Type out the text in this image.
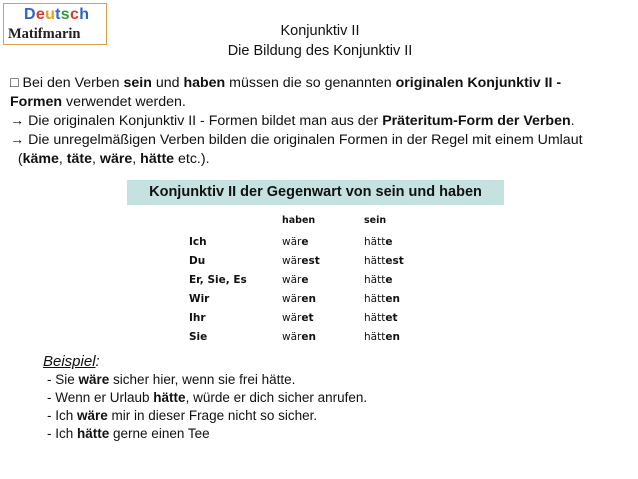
Deutsch
Matifmarin	Konjunktiv II
Die Bildung des Konjunktiv II
□ Bei den Verben sein und haben müssen die so genannten originalen Konjunktiv II -
Formen verwendet werden.
→ Die originalen Konjunktiv II - Formen bildet man aus der Präteritum-Form der Verben.
→ Die unregelmäßigen Verben bilden die originalen Formen in der Regel mit einem Umlaut
(käme, täte, wäre, hätte etc.).
Konjunktiv II der Gegenwart von sein und haben
	haben	sein
Ich	wäre	hätte
Du	wärest	hättest
Er, Sie, Es	wäre	hätte
Wir	wären	hätten
Ihr	wäret	hättet
Sie	wären	hätten
Beispiel:
- Sie wäre sicher hier, wenn sie frei hätte.
- Wenn er Urlaub hätte, würde er dich sicher anrufen.
- Ich wäre mir in dieser Frage nicht so sicher.
- Ich hätte gerne einen Tee
